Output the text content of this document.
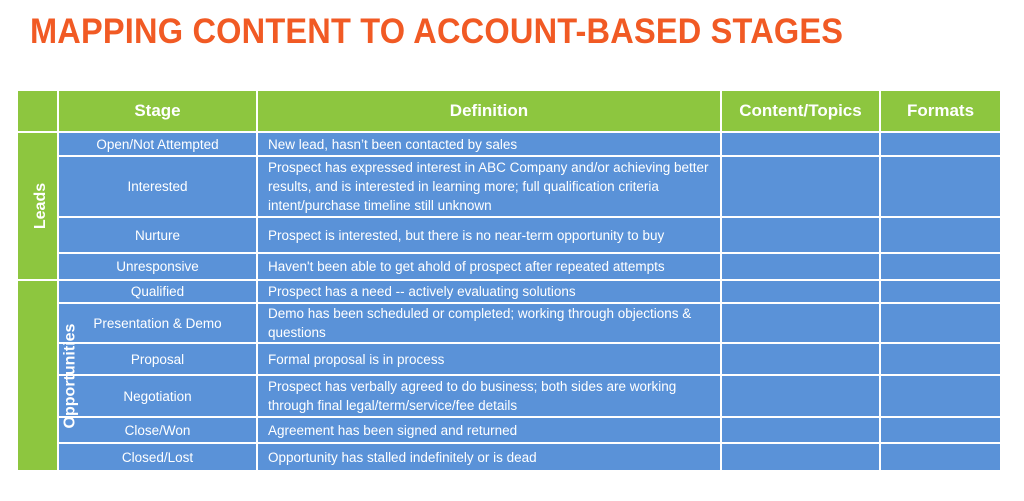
MAPPING CONTENT TO ACCOUNT-BASED STAGES
	Stage	Definition	Content/Topics	Formats
Leads	Open/Not Attempted	New lead, hasn’t been contacted by sales		
	Interested	Prospect has expressed interest in ABC Company and/or achieving better results, and is interested in learning more; full qualification criteria intent/purchase timeline still unknown		
	Nurture	Prospect is interested, but there is no near-term opportunity to buy		
	Unresponsive	Haven't been able to get ahold of prospect after repeated attempts		
Opportunities	Qualified	Prospect has a need -- actively evaluating solutions		
	Presentation & Demo	Demo has been scheduled or completed; working through objections & questions		
	Proposal	Formal proposal is in process		
	Negotiation	Prospect has verbally agreed to do business; both sides are working through final legal/term/service/fee details		
	Close/Won	Agreement has been signed and returned		
	Closed/Lost	Opportunity has stalled indefinitely or is dead		
